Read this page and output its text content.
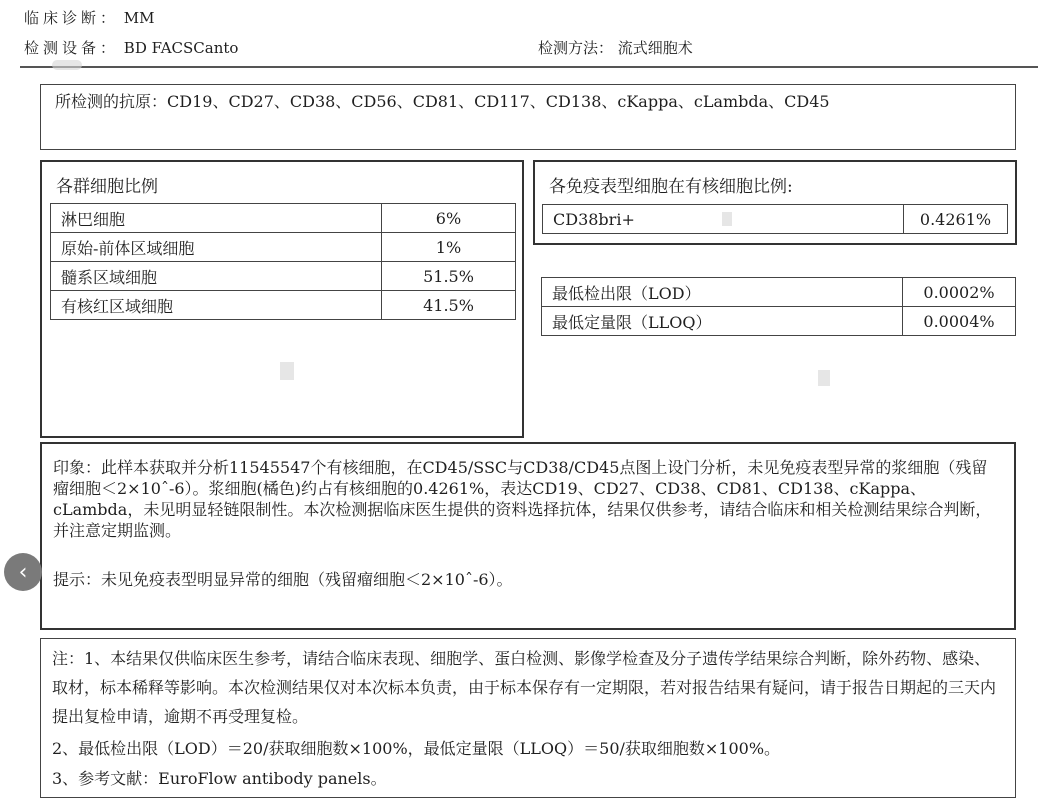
临床诊断： MM
检测设备： BD FACSCanto	检测方法： 流式细胞术
所检测的抗原：CD19、CD27、CD38、CD56、CD81、CD117、CD138、cKappa、cLambda、CD45
各群细胞比例
淋巴细胞	6%
原始-前体区域细胞	1%
髓系区域细胞	51.5%
有核红区域细胞	41.5%
各免疫表型细胞在有核细胞比例:
CD38bri+	0.4261%
最低检出限（LOD）	0.0002%
最低定量限（LLOQ）	0.0004%
印象：此样本获取并分析11545547个有核细胞，在CD45/SSC与CD38/CD45点图上设门分析，未见免疫表型异常的浆细胞（残留瘤细胞＜2×10ˆ-6）。浆细胞(橘色)约占有核细胞的0.4261%，表达CD19、CD27、CD38、CD81、CD138、cKappa、cLambda，未见明显轻链限制性。本次检测据临床医生提供的资料选择抗体，结果仅供参考，请结合临床和相关检测结果综合判断，并注意定期监测。
提示：未见免疫表型明显异常的细胞（残留瘤细胞＜2×10ˆ-6）。
注：1、本结果仅供临床医生参考，请结合临床表现、细胞学、蛋白检测、影像学检查及分子遗传学结果综合判断，除外药物、感染、取材，标本稀释等影响。本次检测结果仅对本次标本负责，由于标本保存有一定期限，若对报告结果有疑问，请于报告日期起的三天内提出复检申请，逾期不再受理复检。
2、最低检出限（LOD）＝20/获取细胞数×100%，最低定量限（LLOQ）＝50/获取细胞数×100%。
3、参考文献：EuroFlow antibody panels。
‹
